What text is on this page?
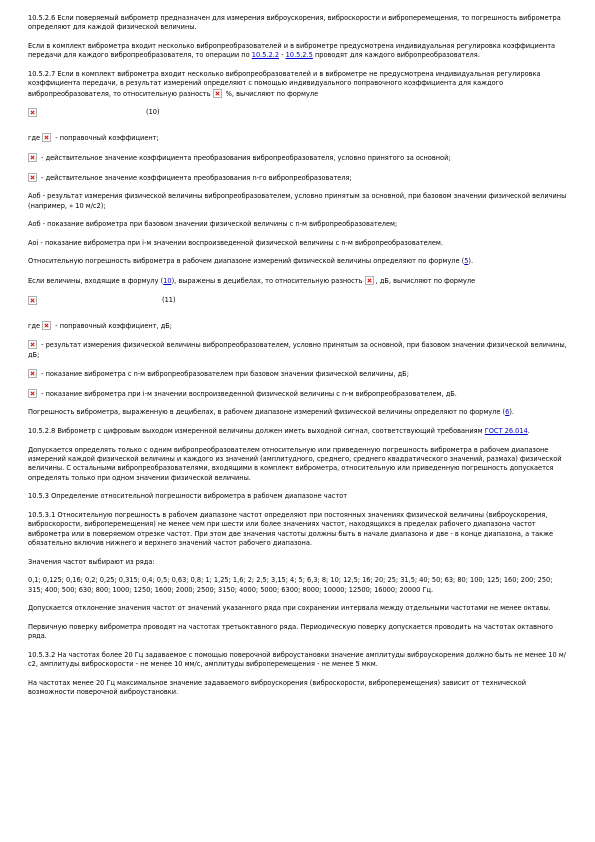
10.5.2.6 Если поверяемый виброметр предназначен для измерения виброускорения, виброскорости и виброперемещения, то погрешность виброметра определяют для каждой физической величины.

Если в комплект виброметра входит несколько вибропреобразователей и в виброметре предусмотрена индивидуальная регулировка коэффициента передачи для каждого вибропреобразователя, то операции по 10.5.2.2 - 10.5.2.5 проводят для каждого вибропреобразователя.

10.5.2.7 Если в комплект виброметра входит несколько вибропреобразователей и в виброметре не предусмотрена индивидуальная регулировка коэффициента передачи, в результат измерений определяют с помощью индивидуального поправочного коэффициента для каждого вибропреобразователя, то относительную разность  %, вычисляют по формуле

(10)

где  - поправочный коэффициент;

- действительное значение коэффициента преобразования вибропреобразователя, условно принятого за основной;

- действительное значение коэффициента преобразования n-го вибропреобразователя;

Aоб - результат измерения физической величины вибропреобразователем, условно принятым за основной, при базовом значении физической величины (например, » 10 м/с2);

Aоб - показание виброметра при базовом значении физической величины с n-м вибропреобразователем;

Aоi - показание виброметра при i-м значении воспроизведенной физической величины с n-м вибропреобразователем.

Относительную погрешность виброметра в рабочем диапазоне измерений физической величины определяют по формуле (5).

Если величины, входящие в формулу (10), выражены в децибелах, то относительную разность , дБ, вычисляют по формуле

(11)

где  - поправочный коэффициент, дБ;

- результат измерения физической величины вибропреобразователем, условно принятым за основной, при базовом значении физической величины, дБ;

- показание виброметра с n-м вибропреобразователем при базовом значении физической величины, дБ;

- показание виброметра при i-м значении воспроизведенной физической величины с n-м вибропреобразователем, дБ.

Погрешность виброметра, выраженную в децибелах, в рабочем диапазоне измерений физической величины определяют по формуле (6).

10.5.2.8 Виброметр с цифровым выходом измеренной величины должен иметь выходной сигнал, соответствующий требованиям ГОСТ 26.014.

Допускается определять только с одним вибропреобразователем относительную или приведенную погрешность виброметра в рабочем диапазоне измерений каждой физической величины и каждого из значений (амплитудного, среднего, среднего квадратического значений, размаха) физической величины. С остальными вибропреобразователями, входящими в комплект виброметра, относительную или приведенную погрешность допускается определять только при одном значении физической величины.

10.5.3 Определение относительной погрешности виброметра в рабочем диапазоне частот

10.5.3.1 Относительную погрешность в рабочем диапазоне частот определяют при постоянных значениях физической величины (виброускорения, виброскорости, виброперемещения) не менее чем при шести или более значениях частот, находящихся в пределах рабочего диапазона частот виброметра или в поверяемом отрезке частот. При этом две значения частоты должны быть в начале диапазона и две - в конце диапазона, а также обязательно включив нижнего и верхнего значений частот рабочего диапазона.

Значения частот выбирают из ряда:

0,1; 0,125; 0,16; 0,2; 0,25; 0,315; 0,4; 0,5; 0,63; 0,8; 1; 1,25; 1,6; 2; 2,5; 3,15; 4; 5; 6,3; 8; 10; 12,5; 16; 20; 25; 31,5; 40; 50; 63; 80; 100; 125; 160; 200; 250; 315; 400; 500; 630; 800; 1000; 1250; 1600; 2000; 2500; 3150; 4000; 5000; 6300; 8000; 10000; 12500; 16000; 20000 Гц.

Допускается отклонение значения частот от значений указанного ряда при сохранении интервала между отдельными частотами не менее октавы.

Первичную поверку виброметра проводят на частотах третьоктавного ряда. Периодическую поверку допускается проводить на частотах октавного ряда.

10.5.3.2 На частотах более 20 Гц задаваемое с помощью поверочной виброустановки значение амплитуды виброускорения должно быть не менее 10 м/с2, амплитуды виброскорости - не менее 10 мм/с, амплитуды виброперемещения - не менее 5 мкм.

На частотах менее 20 Гц максимальное значение задаваемого виброускорения (виброскорости, виброперемещения) зависит от технической возможности поверочной виброустановки.
